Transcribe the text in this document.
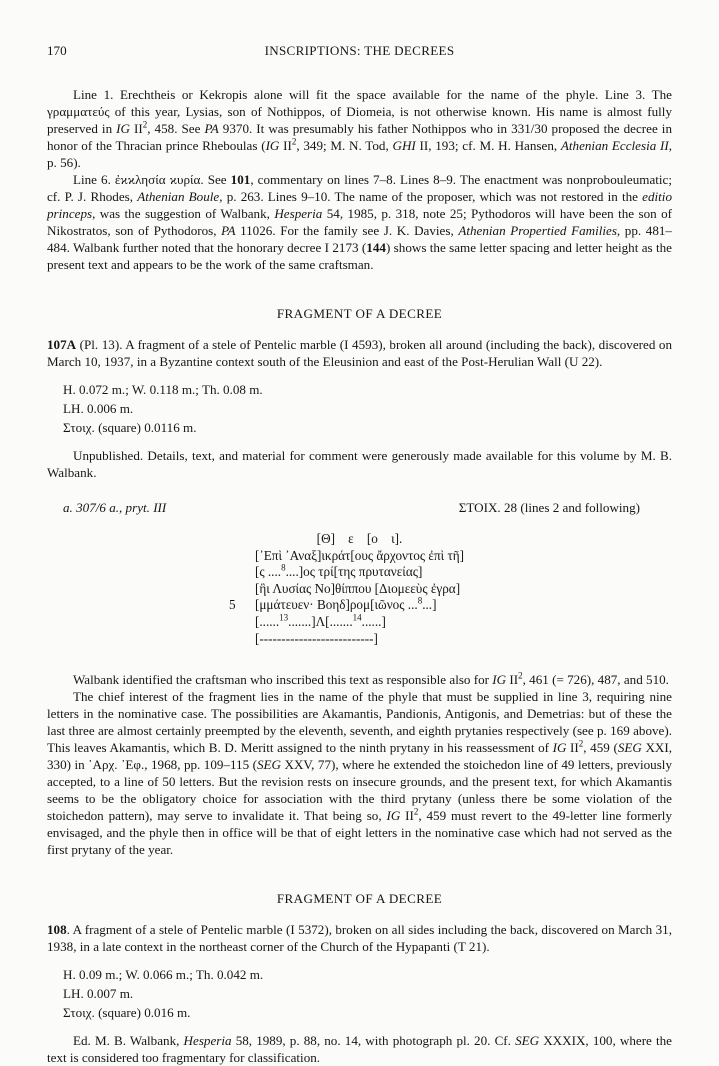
170	INSCRIPTIONS: THE DECREES

Line 1. Erechtheis or Kekropis alone will fit the space available for the name of the phyle. Line 3. The γραμματεύς of this year, Lysias, son of Nothippos, of Diomeia, is not otherwise known. His name is almost fully preserved in IG $II^2$, 458. See PA 9370. It was presumably his father Nothippos who in 331/30 proposed the decree in honor of the Thracian prince Rheboulas (IG $II^2$, 349; M. N. Tod, GHI II, 193; cf. M. H. Hansen, Athenian Ecclesia II, p. 56).

Line 6. ἐϰϰλησία ϰυρία. See 101, commentary on lines 7–8. Lines 8–9. The enactment was nonprobouleumatic; cf. P. J. Rhodes, Athenian Boule, p. 263. Lines 9–10. The name of the proposer, which was not restored in the editio princeps, was the suggestion of Walbank, Hesperia 54, 1985, p. 318, note 25; Pythodoros will have been the son of Nikostratos, son of Pythodoros, PA 11026. For the family see J. K. Davies, Athenian Propertied Families, pp. 481–484. Walbank further noted that the honorary decree I 2173 (144) shows the same letter spacing and letter height as the present text and appears to be the work of the same craftsman.

FRAGMENT OF A DECREE

107A (Pl. 13). A fragment of a stele of Pentelic marble (I 4593), broken all around (including the back), discovered on March 10, 1937, in a Byzantine context south of the Eleusinion and east of the Post-Herulian Wall (U 22).

H. 0.072 m.; W. 0.118 m.; Th. 0.08 m.
LH. 0.006 m.
Στοιχ. (square) 0.0116 m.

Unpublished. Details, text, and material for comment were generously made available for this volume by M. B. Walbank.

a. 307/6 a., pryt. III	ΣΤΟΙΧ. 28 (lines 2 and following)
[Θ]    ε    [ο    ι].
[᾿Επὶ ᾿Αναξ]ικράτ[ους ἄρχοντος ἐπὶ τῆ]
[ς ....$^8$....]ος τρί[της πρυτανείας]
[ἣι Λυσίας Νο]θίππου [Διομεεὺς ἐγρα]
5 [μμάτευεν· Βοηδ]ρομ[ιῶνος ...$^8$...]
[......$^{13}$.......]Λ[.......$^{14}$......]
[--------------------------]

Walbank identified the craftsman who inscribed this text as responsible also for IG $II^2$, 461 (= 726), 487, and 510.

The chief interest of the fragment lies in the name of the phyle that must be supplied in line 3, requiring nine letters in the nominative case. The possibilities are Akamantis, Pandionis, Antigonis, and Demetrias: but of these the last three are almost certainly preempted by the eleventh, seventh, and eighth prytanies respectively (see p. 169 above). This leaves Akamantis, which B. D. Meritt assigned to the ninth prytany in his reassessment of IG $II^2$, 459 (SEG XXI, 330) in ᾿Αρχ. ᾿Εφ., 1968, pp. 109–115 (SEG XXV, 77), where he extended the stoichedon line of 49 letters, previously accepted, to a line of 50 letters. But the revision rests on insecure grounds, and the present text, for which Akamantis seems to be the obligatory choice for association with the third prytany (unless there be some violation of the stoichedon pattern), may serve to invalidate it. That being so, IG $II^2$, 459 must revert to the 49-letter line formerly envisaged, and the phyle then in office will be that of eight letters in the nominative case which had not served as the first prytany of the year.

FRAGMENT OF A DECREE

108. A fragment of a stele of Pentelic marble (I 5372), broken on all sides including the back, discovered on March 31, 1938, in a late context in the northeast corner of the Church of the Hypapanti (T 21).

H. 0.09 m.; W. 0.066 m.; Th. 0.042 m.
LH. 0.007 m.
Στοιχ. (square) 0.016 m.

Ed. M. B. Walbank, Hesperia 58, 1989, p. 88, no. 14, with photograph pl. 20. Cf. SEG XXXIX, 100, where the text is considered too fragmentary for classification.
